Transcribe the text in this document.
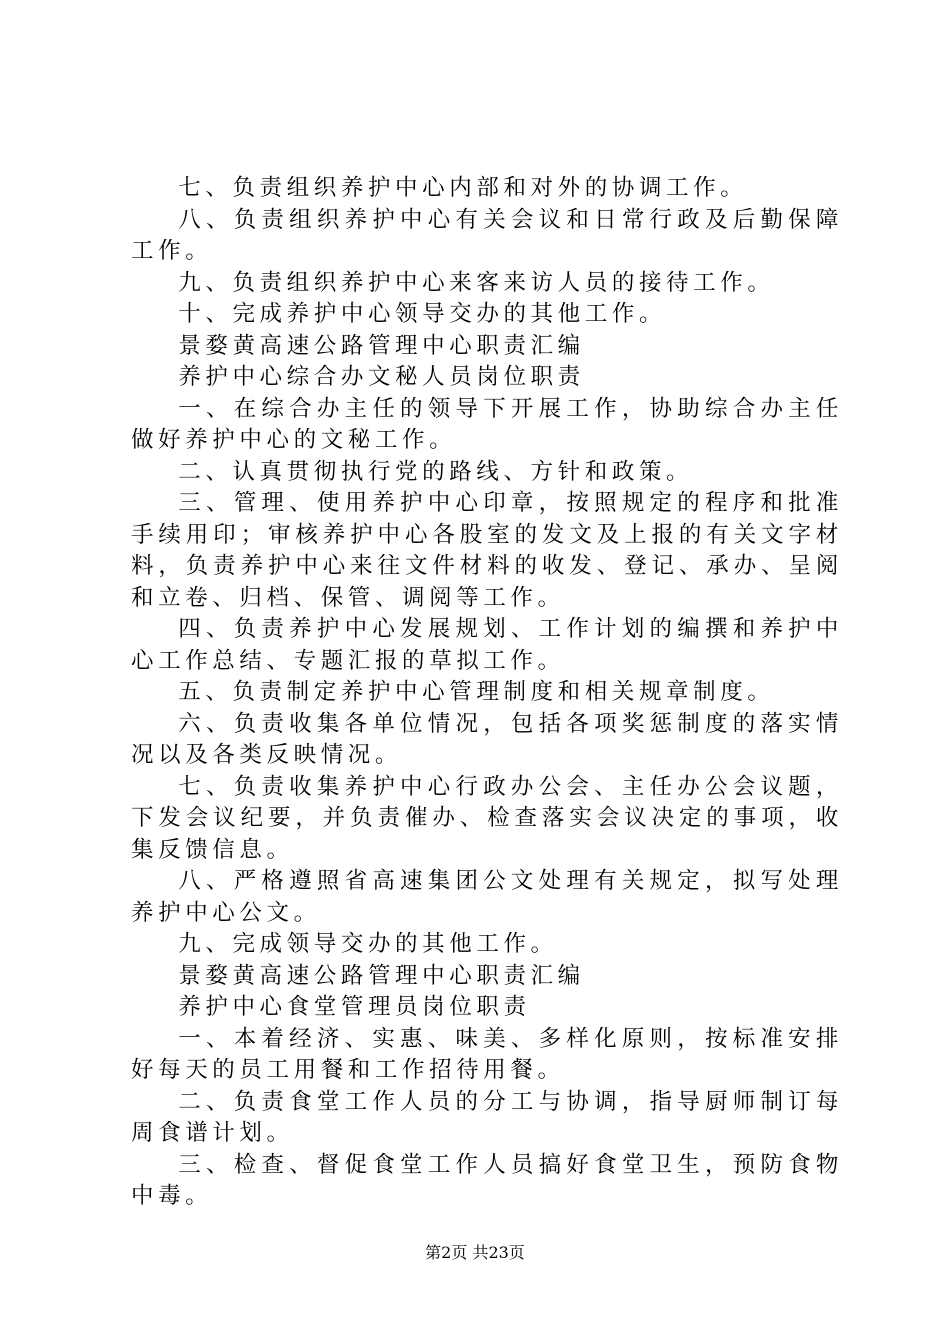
七、负责组织养护中心内部和对外的协调工作。

八、负责组织养护中心有关会议和日常行政及后勤保障工作。

九、负责组织养护中心来客来访人员的接待工作。

十、完成养护中心领导交办的其他工作。

景婺黄高速公路管理中心职责汇编

养护中心综合办文秘人员岗位职责

一、在综合办主任的领导下开展工作，协助综合办主任做好养护中心的文秘工作。

二、认真贯彻执行党的路线、方针和政策。

三、管理、使用养护中心印章，按照规定的程序和批准手续用印；审核养护中心各股室的发文及上报的有关文字材料，负责养护中心来往文件材料的收发、登记、承办、呈阅和立卷、归档、保管、调阅等工作。

四、负责养护中心发展规划、工作计划的编撰和养护中心工作总结、专题汇报的草拟工作。

五、负责制定养护中心管理制度和相关规章制度。

六、负责收集各单位情况，包括各项奖惩制度的落实情况以及各类反映情况。

七、负责收集养护中心行政办公会、主任办公会议题，下发会议纪要，并负责催办、检查落实会议决定的事项，收集反馈信息。

八、严格遵照省高速集团公文处理有关规定，拟写处理养护中心公文。

九、完成领导交办的其他工作。

景婺黄高速公路管理中心职责汇编

养护中心食堂管理员岗位职责

一、本着经济、实惠、味美、多样化原则，按标准安排好每天的员工用餐和工作招待用餐。

二、负责食堂工作人员的分工与协调，指导厨师制订每周食谱计划。

三、检查、督促食堂工作人员搞好食堂卫生，预防食物中毒。

第2页 共23页
